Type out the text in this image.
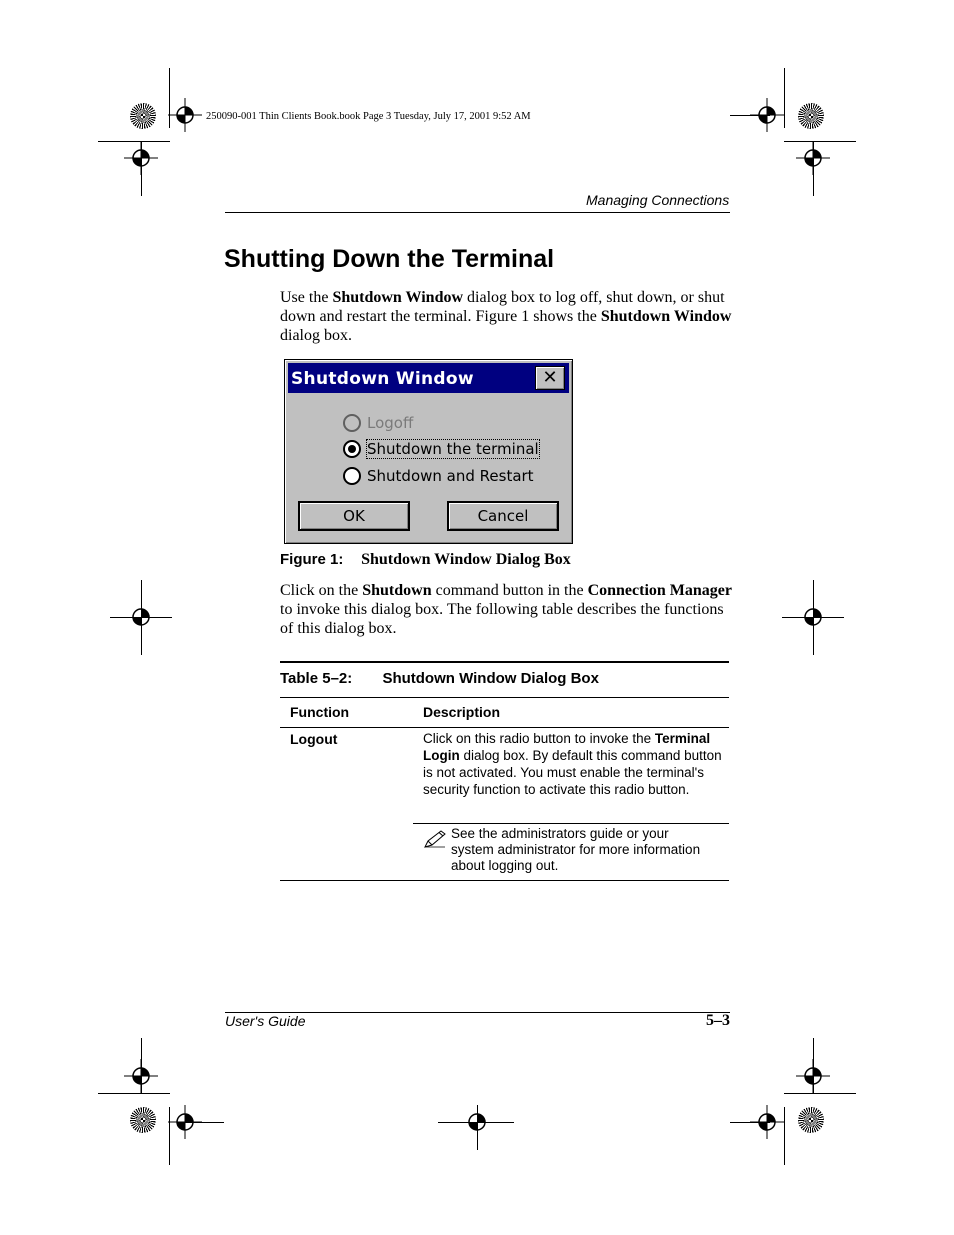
250090-001 Thin Clients Book.book Page 3 Tuesday, July 17, 2001 9:52 AM
Managing Connections
Shutting Down the Terminal
Use the Shutdown Window dialog box to log off, shut down, or shut down and restart the terminal. Figure 1 shows the Shutdown Window dialog box.
Shutdown Window	✕
Logoff
Shutdown the terminal
Shutdown and Restart
OK	Cancel
Figure 1: Shutdown Window Dialog Box
Click on the Shutdown command button in the Connection Manager to invoke this dialog box. The following table describes the functions of this dialog box.
Table 5–2: Shutdown Window Dialog Box
Function	Description
Logout	Click on this radio button to invoke the Terminal Login dialog box. By default this command button is not activated. You must enable the terminal's security function to activate this radio button.
See the administrators guide or your system administrator for more information about logging out.
User's Guide	5–3
